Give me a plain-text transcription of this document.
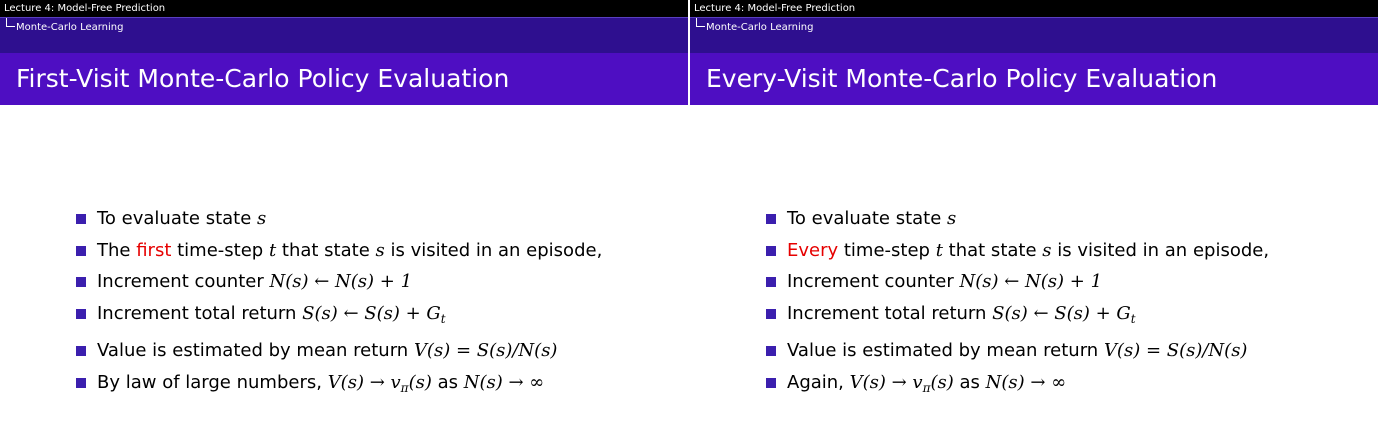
Lecture 4: Model-Free Prediction
Monte-Carlo Learning
First-Visit Monte-Carlo Policy Evaluation
To evaluate state s
The first time-step t that state s is visited in an episode,
Increment counter N(s) ← N(s) + 1
Increment total return S(s) ← $S(s) + G_t$
Value is estimated by mean return V(s) = S(s)/N(s)
By law of large numbers, $V(s) \to v_\pi(s)$ as N(s) → ∞
Lecture 4: Model-Free Prediction
Monte-Carlo Learning
Every-Visit Monte-Carlo Policy Evaluation
To evaluate state s
Every time-step t that state s is visited in an episode,
Increment counter N(s) ← N(s) + 1
Increment total return S(s) ← $S(s) + G_t$
Value is estimated by mean return V(s) = S(s)/N(s)
Again, $V(s) \to v_\pi(s)$ as N(s) → ∞
